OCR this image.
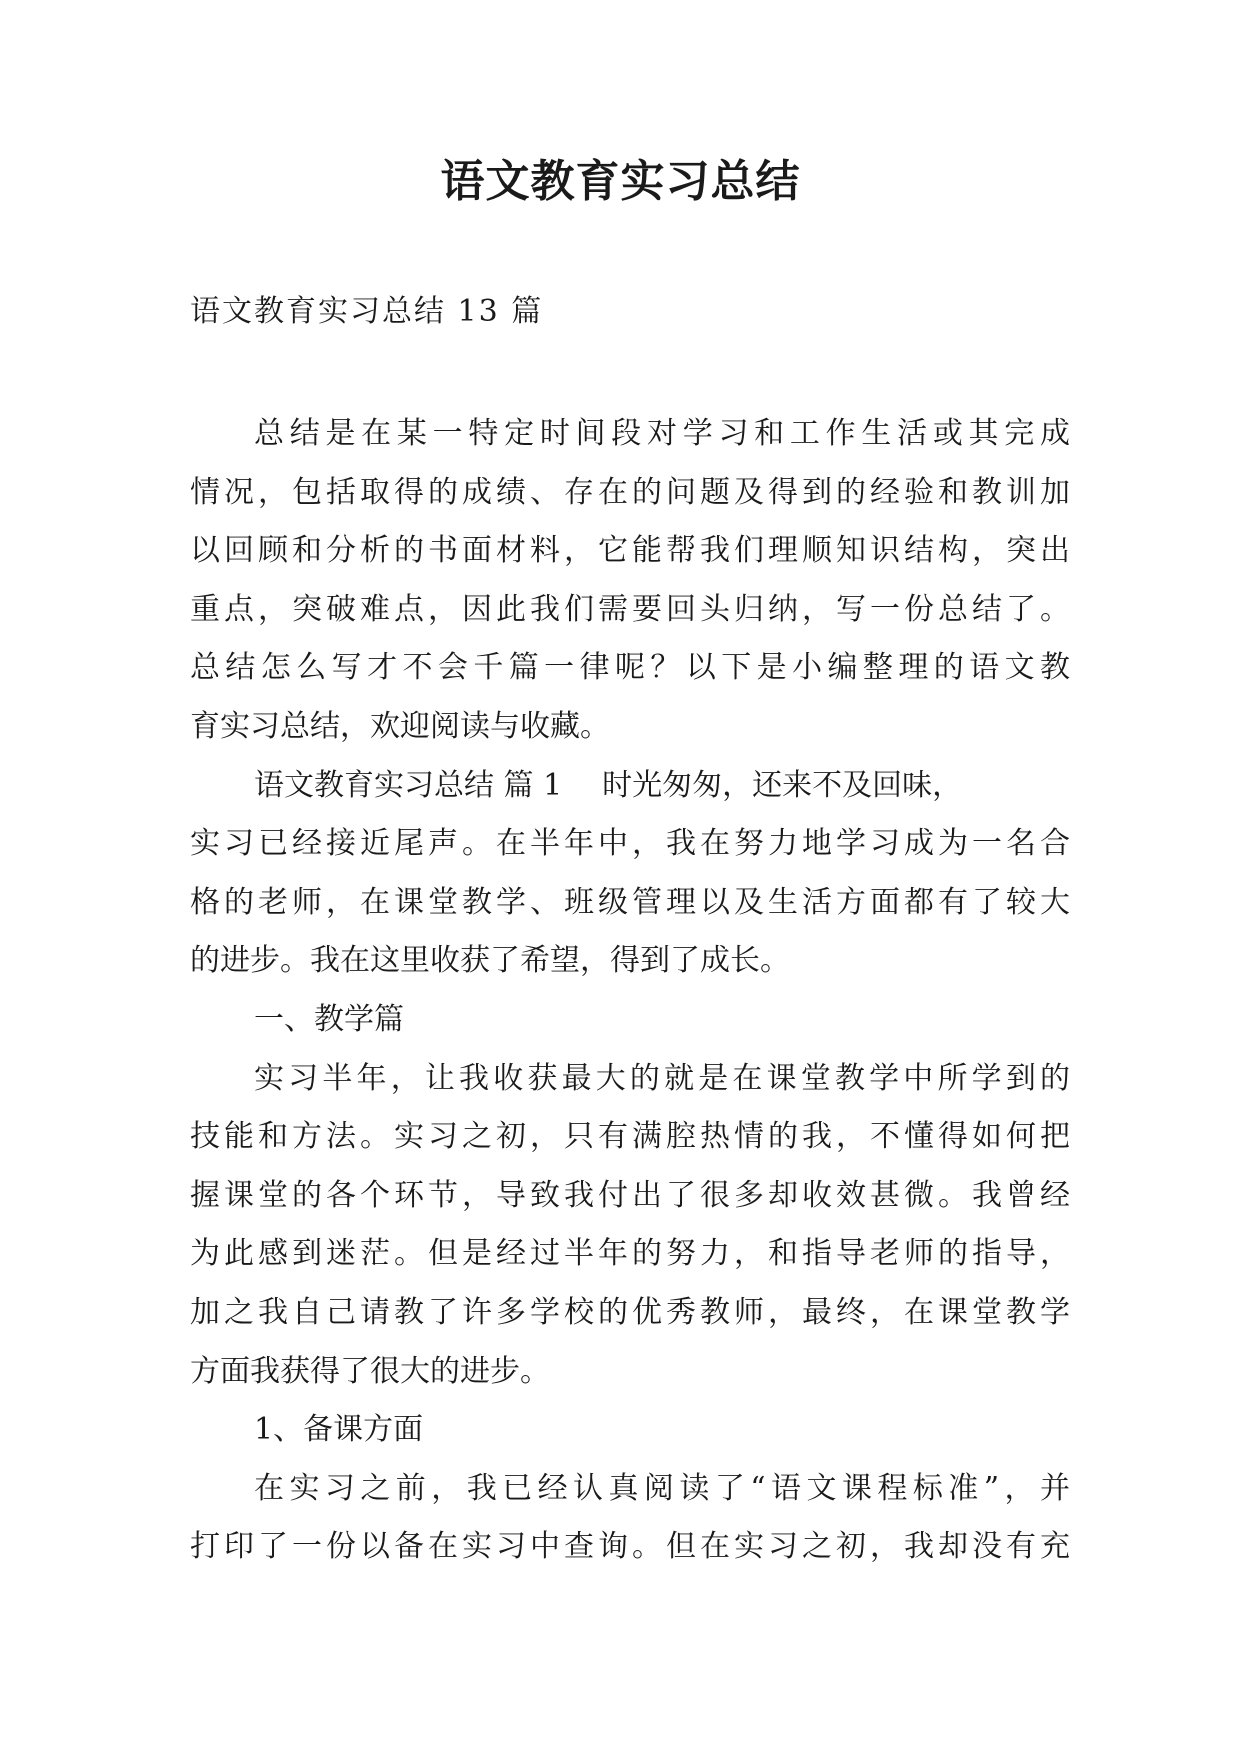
语文教育实习总结

语文教育实习总结 13 篇

总结是在某一特定时间段对学习和工作生活或其完成

情况，包括取得的成绩、存在的问题及得到的经验和教训加

以回顾和分析的书面材料，它能帮我们理顺知识结构，突出

重点，突破难点，因此我们需要回头归纳，写一份总结了。

总结怎么写才不会千篇一律呢？以下是小编整理的语文教

育实习总结，欢迎阅读与收藏。

语文教育实习总结 篇 1 时光匆匆，还来不及回味，

实习已经接近尾声。在半年中，我在努力地学习成为一名合

格的老师，在课堂教学、班级管理以及生活方面都有了较大

的进步。我在这里收获了希望，得到了成长。

一、教学篇

实习半年，让我收获最大的就是在课堂教学中所学到的

技能和方法。实习之初，只有满腔热情的我，不懂得如何把

握课堂的各个环节，导致我付出了很多却收效甚微。我曾经

为此感到迷茫。但是经过半年的努力，和指导老师的指导，

加之我自己请教了许多学校的优秀教师，最终，在课堂教学

方面我获得了很大的进步。

1、备课方面

在实习之前，我已经认真阅读了“语文课程标准”，并

打印了一份以备在实习中查询。但在实习之初，我却没有充
